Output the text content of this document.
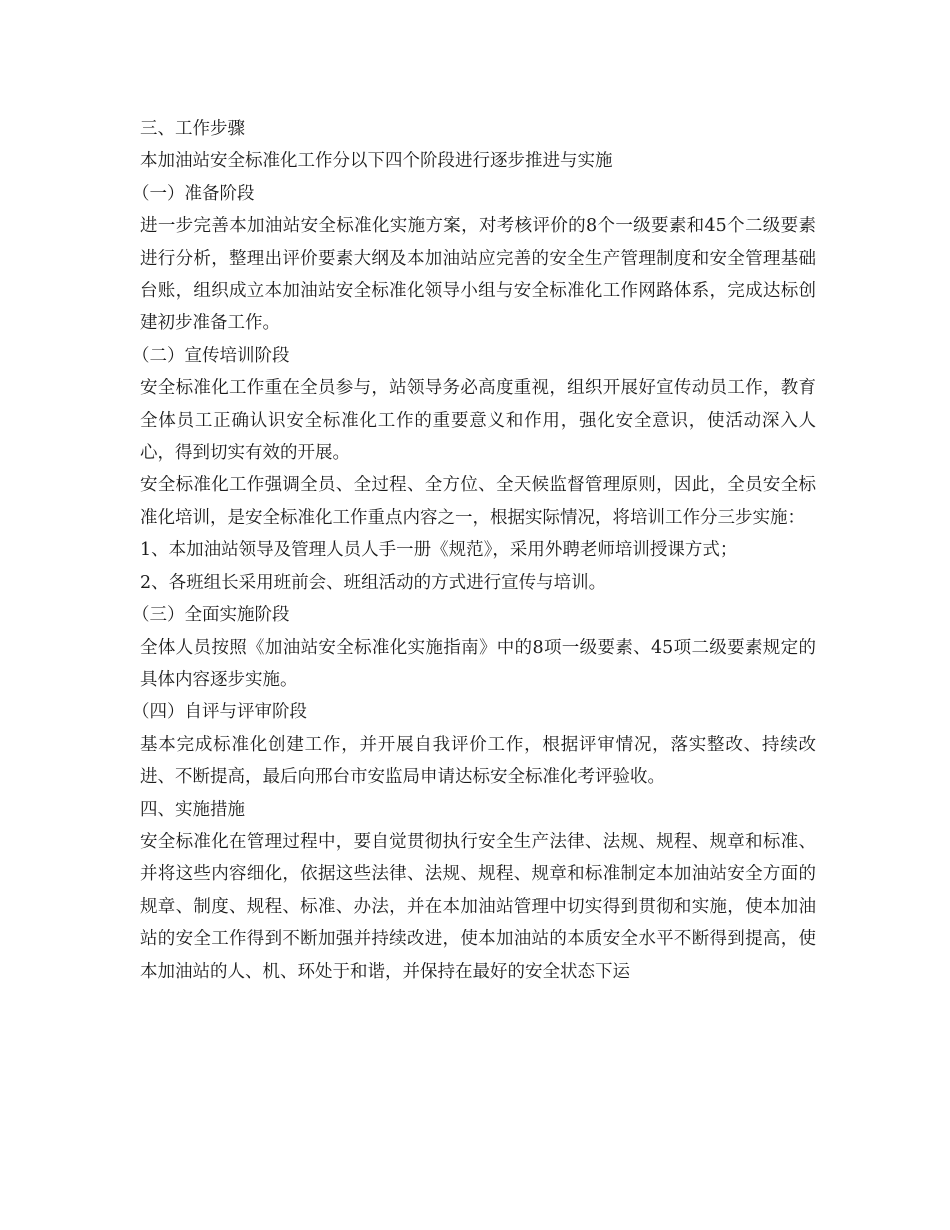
三、工作步骤

本加油站安全标准化工作分以下四个阶段进行逐步推进与实施

（一）准备阶段

进一步完善本加油站安全标准化实施方案，对考核评价的8个一级要素和45个二级要素进行分析，整理出评价要素大纲及本加油站应完善的安全生产管理制度和安全管理基础台账，组织成立本加油站安全标准化领导小组与安全标准化工作网路体系，完成达标创建初步准备工作。

（二）宣传培训阶段

安全标准化工作重在全员参与，站领导务必高度重视，组织开展好宣传动员工作，教育全体员工正确认识安全标准化工作的重要意义和作用，强化安全意识，使活动深入人心，得到切实有效的开展。

安全标准化工作强调全员、全过程、全方位、全天候监督管理原则，因此，全员安全标准化培训，是安全标准化工作重点内容之一，根据实际情况，将培训工作分三步实施：

1、本加油站领导及管理人员人手一册《规范》，采用外聘老师培训授课方式；

2、各班组长采用班前会、班组活动的方式进行宣传与培训。

（三）全面实施阶段

全体人员按照《加油站安全标准化实施指南》中的8项一级要素、45项二级要素规定的具体内容逐步实施。

（四）自评与评审阶段

基本完成标准化创建工作，并开展自我评价工作，根据评审情况，落实整改、持续改进、不断提高，最后向邢台市安监局申请达标安全标准化考评验收。

四、实施措施

安全标准化在管理过程中，要自觉贯彻执行安全生产法律、法规、规程、规章和标准、并将这些内容细化，依据这些法律、法规、规程、规章和标准制定本加油站安全方面的规章、制度、规程、标准、办法，并在本加油站管理中切实得到贯彻和实施，使本加油站的安全工作得到不断加强并持续改进，使本加油站的本质安全水平不断得到提高，使本加油站的人、机、环处于和谐，并保持在最好的安全状态下运
